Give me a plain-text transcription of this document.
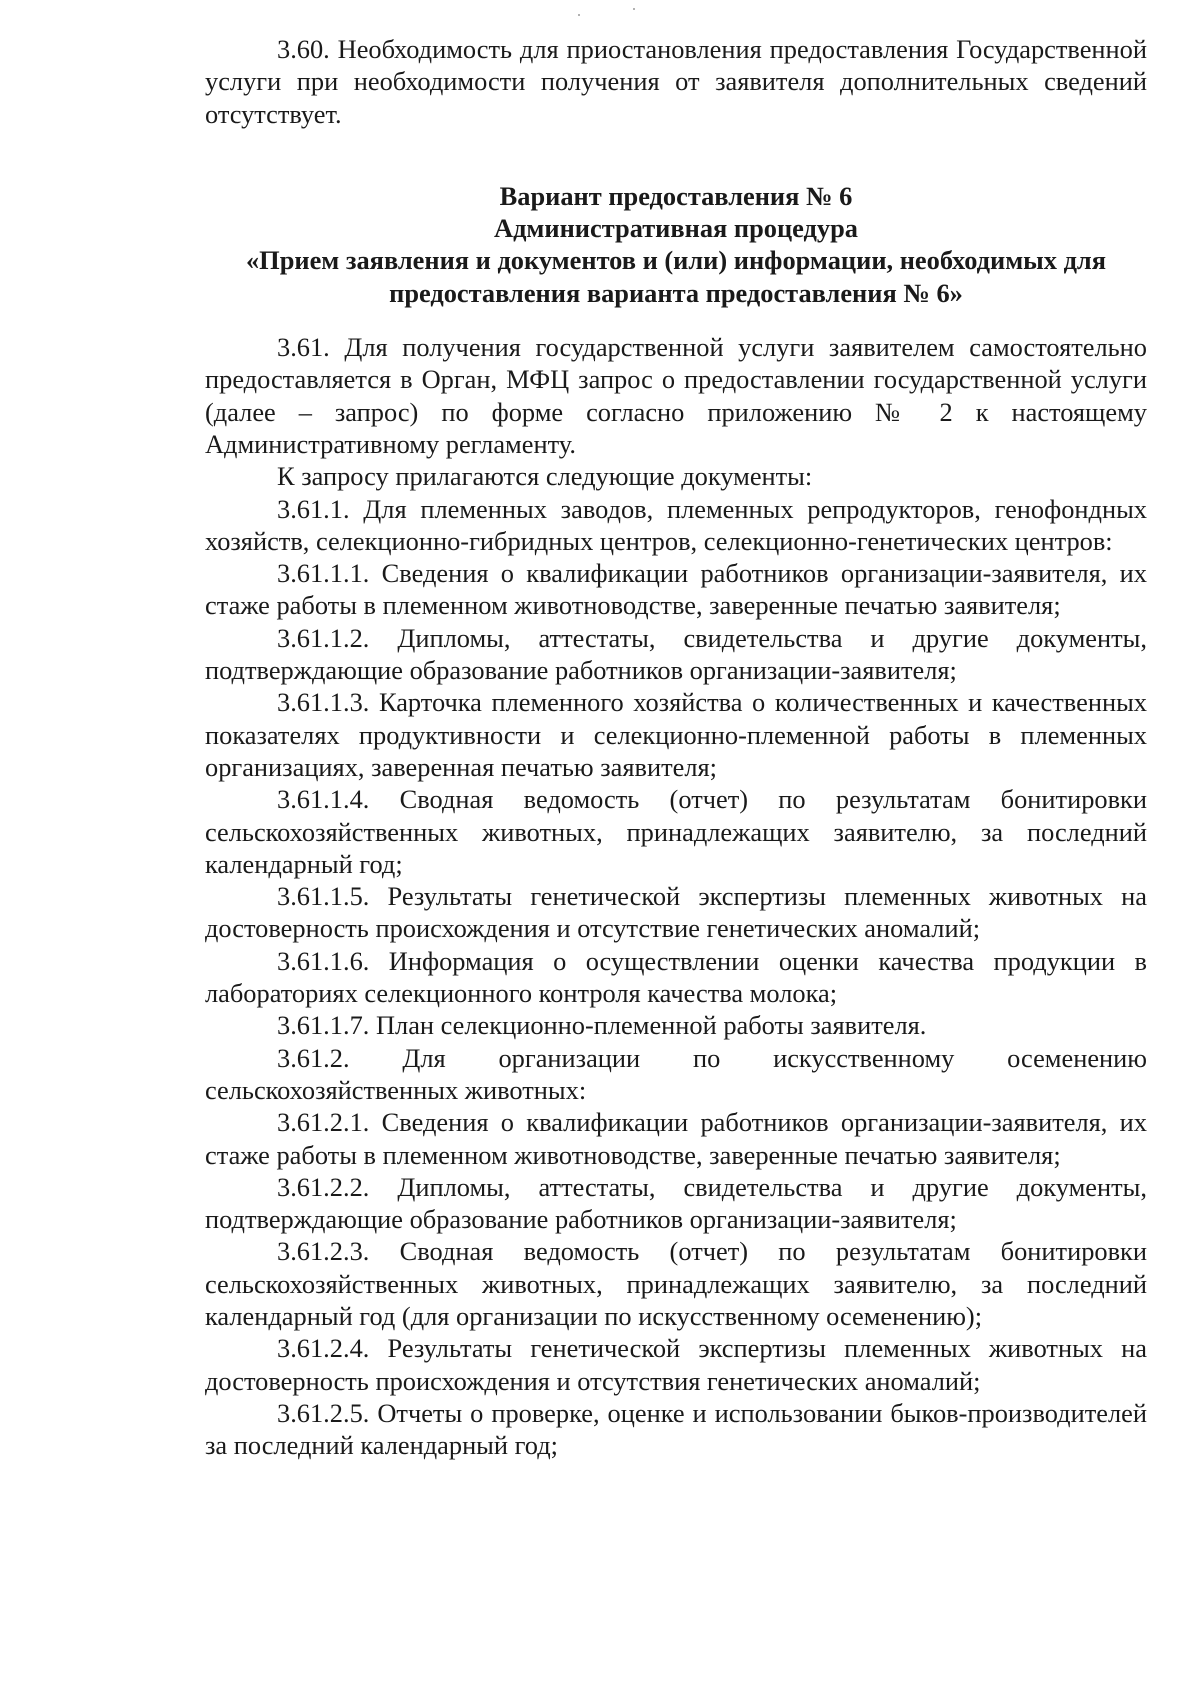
3.60. Необходимость для приостановления предоставления Государственной услуги при необходимости получения от заявителя дополнительных сведений отсутствует.

Вариант предоставления № 6
Административная процедура
«Прием заявления и документов и (или) информации, необходимых для предоставления варианта предоставления № 6»

3.61. Для получения государственной услуги заявителем самостоятельно предоставляется в Орган, МФЦ запрос о предоставлении государственной услуги (далее – запрос) по форме согласно приложению № 2 к настоящему Административному регламенту.

К запросу прилагаются следующие документы:

3.61.1. Для племенных заводов, племенных репродукторов, генофондных хозяйств, селекционно-гибридных центров, селекционно-генетических центров:

3.61.1.1. Сведения о квалификации работников организации-заявителя, их стаже работы в племенном животноводстве, заверенные печатью заявителя;

3.61.1.2. Дипломы, аттестаты, свидетельства и другие документы, подтверждающие образование работников организации-заявителя;

3.61.1.3. Карточка племенного хозяйства о количественных и качественных показателях продуктивности и селекционно-племенной работы в племенных организациях, заверенная печатью заявителя;

3.61.1.4. Сводная ведомость (отчет) по результатам бонитировки сельскохозяйственных животных, принадлежащих заявителю, за последний календарный год;

3.61.1.5. Результаты генетической экспертизы племенных животных на достоверность происхождения и отсутствие генетических аномалий;

3.61.1.6. Информация о осуществлении оценки качества продукции в лабораториях селекционного контроля качества молока;

3.61.1.7. План селекционно-племенной работы заявителя.

3.61.2. Для организации по искусственному осеменению сельскохозяйственных животных:

3.61.2.1. Сведения о квалификации работников организации-заявителя, их стаже работы в племенном животноводстве, заверенные печатью заявителя;

3.61.2.2. Дипломы, аттестаты, свидетельства и другие документы, подтверждающие образование работников организации-заявителя;

3.61.2.3. Сводная ведомость (отчет) по результатам бонитировки сельскохозяйственных животных, принадлежащих заявителю, за последний календарный год (для организации по искусственному осеменению);

3.61.2.4. Результаты генетической экспертизы племенных животных на достоверность происхождения и отсутствия генетических аномалий;

3.61.2.5. Отчеты о проверке, оценке и использовании быков-производителей за последний календарный год;
